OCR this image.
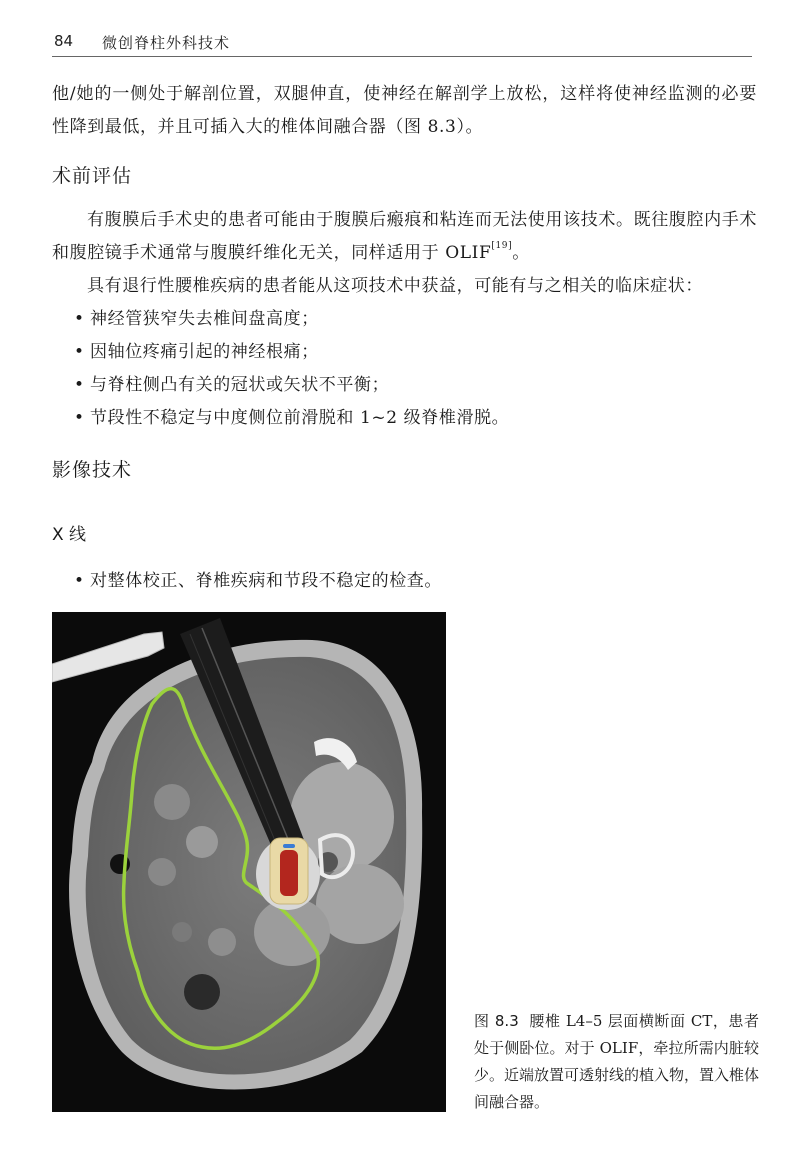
84 微创脊柱外科技术

他/她的一侧处于解剖位置，双腿伸直，使神经在解剖学上放松，这样将使神经监测的必要性降到最低，并且可插入大的椎体间融合器（图 8.3）。

术前评估

有腹膜后手术史的患者可能由于腹膜后瘢痕和粘连而无法使用该技术。既往腹腔内手术和腹腔镜手术通常与腹膜纤维化无关，同样适用于 OLIF[19]。

具有退行性腰椎疾病的患者能从这项技术中获益，可能有与之相关的临床症状：

• 神经管狭窄失去椎间盘高度；
• 因轴位疼痛引起的神经根痛；
• 与脊柱侧凸有关的冠状或矢状不平衡；
• 节段性不稳定与中度侧位前滑脱和 1~2 级脊椎滑脱。
影像技术
X 线
• 对整体校正、脊椎疾病和节段不稳定的检查。

图 8.3 腰椎 L4–5 层面横断面 CT，患者处于侧卧位。对于 OLIF，牵拉所需内脏较少。近端放置可透射线的植入物，置入椎体间融合器。
